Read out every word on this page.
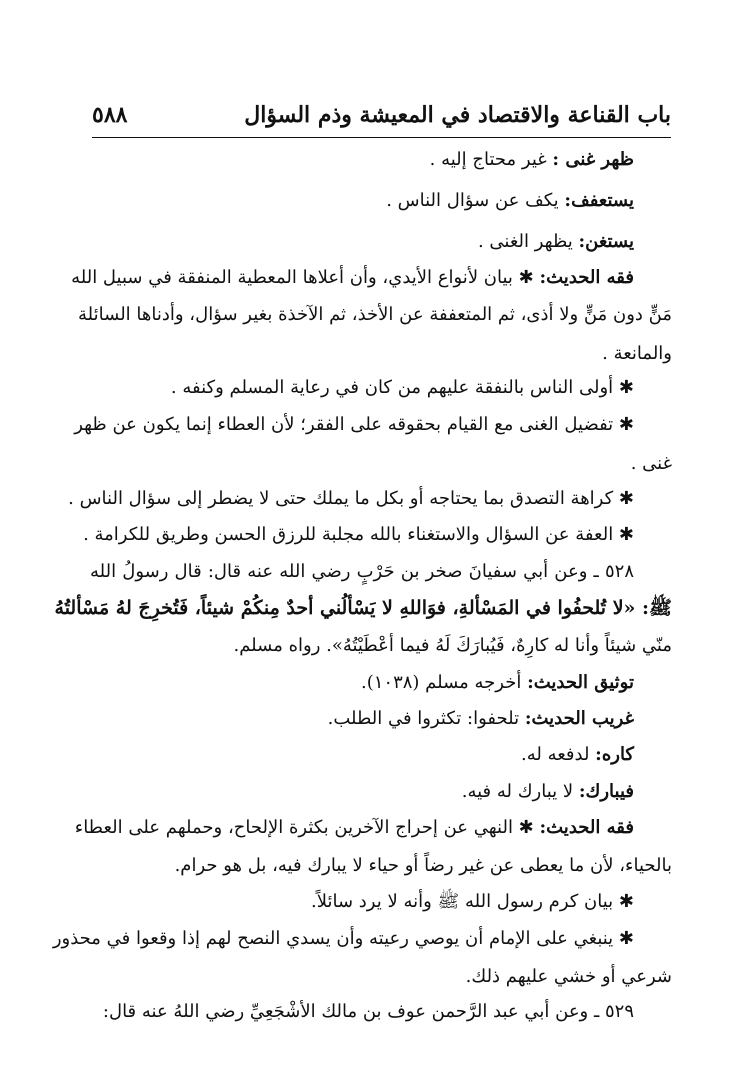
باب القناعة والاقتصاد في المعيشة وذم السؤال
٥٨٨
ظهر غنى : غير محتاج إليه .
يستعفف: يكف عن سؤال الناس .
يستغن: يظهر الغنى .
فقه الحديث: ✱ بيان لأنواع الأيدي، وأن أعلاها المعطية المنفقة في سبيل الله
مَنٍّ دون مَنٍّ ولا أذى، ثم المتعففة عن الأخذ، ثم الآخذة بغير سؤال، وأدناها السائلة
والمانعة .
✱ أولى الناس بالنفقة عليهم من كان في رعاية المسلم وكنفه .
✱ تفضيل الغنى مع القيام بحقوقه على الفقر؛ لأن العطاء إنما يكون عن ظهر
غنى .
✱ كراهة التصدق بما يحتاجه أو بكل ما يملك حتى لا يضطر إلى سؤال الناس .
✱ العفة عن السؤال والاستغناء بالله مجلبة للرزق الحسن وطريق للكرامة .
٥٢٨ ـ وعن أبي سفيانَ صخر بن حَرْبٍ رضي الله عنه قال: قال رسولُ الله
ﷺ: «لا تُلحفُوا في المَسْألةِ، فوَاللهِ لا يَسْألُني أحدٌ مِنكُمْ شيئاً، فَتُخرِجَ لهُ مَسْألتُهُ
منّي شيئاً وأنا له كارِهٌ، فَيُبارَكَ لَهُ فيما أعْطَيْتُهُ». رواه مسلم.
توثيق الحديث: أخرجه مسلم (١٠٣٨).
غريب الحديث: تلحفوا: تكثروا في الطلب.
كاره: لدفعه له.
فيبارك: لا يبارك له فيه.
فقه الحديث: ✱ النهي عن إحراج الآخرين بكثرة الإلحاح، وحملهم على العطاء
بالحياء، لأن ما يعطى عن غير رضاً أو حياء لا يبارك فيه، بل هو حرام.
✱ بيان كرم رسول الله ﷺ وأنه لا يرد سائلاً.
✱ ينبغي على الإمام أن يوصي رعيته وأن يسدي النصح لهم إذا وقعوا في محذور
شرعي أو خشي عليهم ذلك.
٥٢٩ ـ وعن أبي عبد الرَّحمن عوف بن مالك الأشْجَعِيِّ رضي اللهُ عنه قال:
